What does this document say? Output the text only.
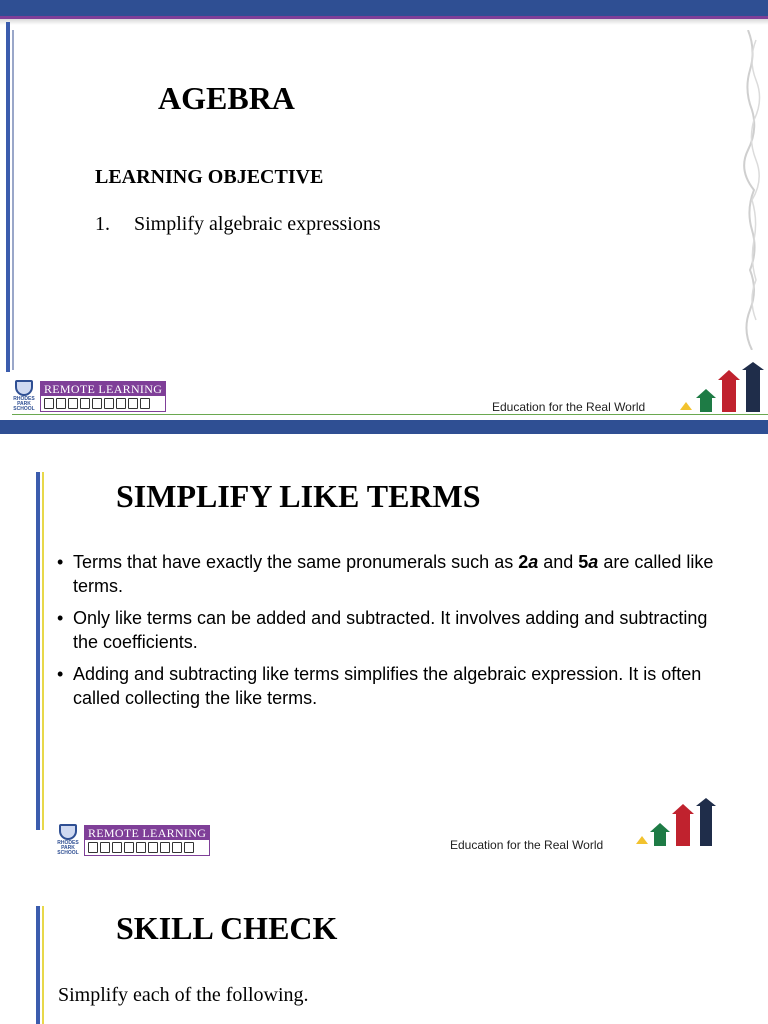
AGEBRA
LEARNING OBJECTIVE
1. Simplify algebraic expressions
RHODES PARK SCHOOL
REMOTE LEARNING
Education for the Real World
SIMPLIFY LIKE TERMS
• Terms that have exactly the same pronumerals such as 2a and 5a are called like terms.
• Only like terms can be added and subtracted. It involves adding and subtracting the coefficients.
• Adding and subtracting like terms simplifies the algebraic expression. It is often called collecting the like terms.
RHODES PARK SCHOOL
REMOTE LEARNING
Education for the Real World
SKILL CHECK
Simplify each of the following.
